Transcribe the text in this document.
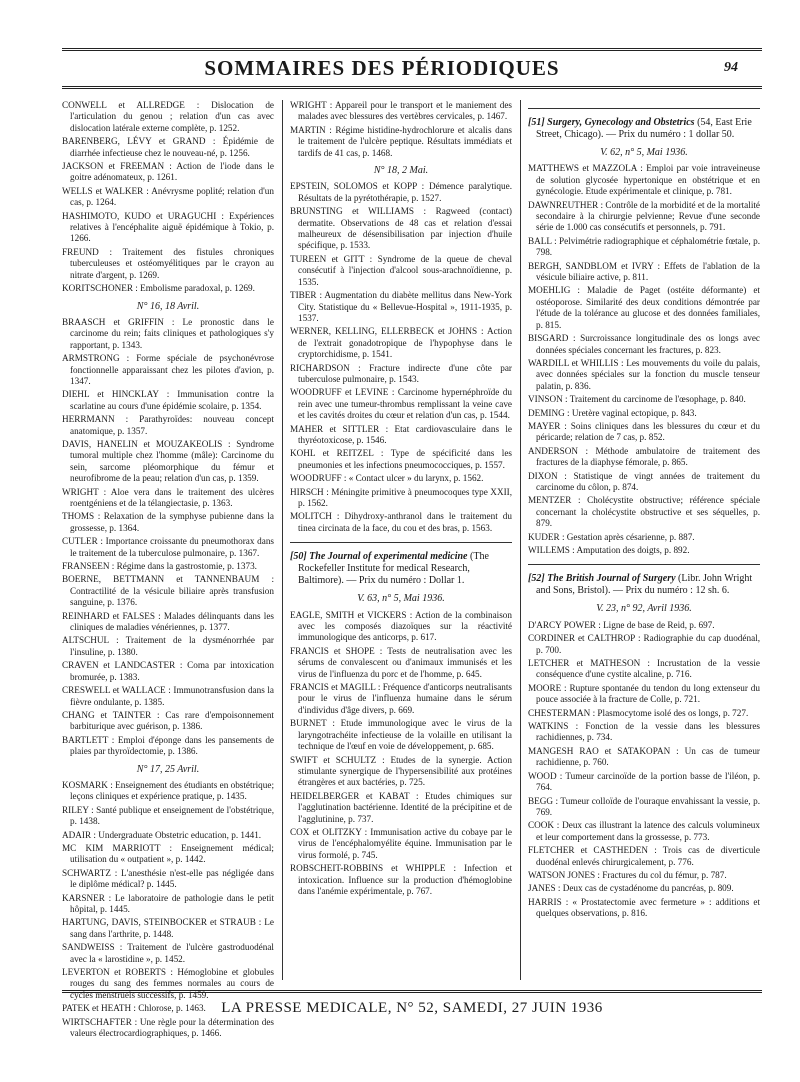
SOMMAIRES DES PÉRIODIQUES	94
CONWELL et ALLREDGE : Dislocation de l'articulation du genou ; relation d'un cas avec dislocation latérale externe complète, p. 1252.
BARENBERG, LÉVY et GRAND : Épidémie de diarrhée infectieuse chez le nouveau-né, p. 1256.
JACKSON et FREEMAN : Action de l'iode dans le goitre adénomateux, p. 1261.
WELLS et WALKER : Anévrysme poplité; relation d'un cas, p. 1264.
HASHIMOTO, KUDO et URAGUCHI : Expériences relatives à l'encéphalite aiguë épidémique à Tokio, p. 1266.
FREUND : Traitement des fistules chroniques tuberculeuses et ostéomyélitiques par le crayon au nitrate d'argent, p. 1269.
KORITSCHONER : Embolisme paradoxal, p. 1269.
N° 16, 18 Avril.
BRAASCH et GRIFFIN : Le pronostic dans le carcinome du rein; faits cliniques et pathologiques s'y rapportant, p. 1343.
ARMSTRONG : Forme spéciale de psychonévrose fonctionnelle apparaissant chez les pilotes d'avion, p. 1347.
DIEHL et HINCKLAY : Immunisation contre la scarlatine au cours d'une épidémie scolaire, p. 1354.
HERRMANN : Parathyroïdes: nouveau concept anatomique, p. 1357.
DAVIS, HANELIN et MOUZAKEOLIS : Syndrome tumoral multiple chez l'homme (mâle): Carcinome du sein, sarcome pléomorphique du fémur et neurofibrome de la peau; relation d'un cas, p. 1359.
WRIGHT : Aloe vera dans le traitement des ulcères roentgéniens et de la télangiectasie, p. 1363.
THOMS : Relaxation de la symphyse pubienne dans la grossesse, p. 1364.
CUTLER : Importance croissante du pneumothorax dans le traitement de la tuberculose pulmonaire, p. 1367.
FRANSEEN : Régime dans la gastrostomie, p. 1373.
BOERNE, BETTMANN et TANNENBAUM : Contractilité de la vésicule biliaire après transfusion sanguine, p. 1376.
REINHARD et FALSES : Malades délinquants dans les cliniques de maladies vénériennes, p. 1377.
ALTSCHUL : Traitement de la dysménorrhée par l'insuline, p. 1380.
CRAVEN et LANDCASTER : Coma par intoxication bromurée, p. 1383.
CRESWELL et WALLACE : Immunotransfusion dans la fièvre ondulante, p. 1385.
CHANG et TAINTER : Cas rare d'empoisonnement barbiturique avec guérison, p. 1386.
BARTLETT : Emploi d'éponge dans les pansements de plaies par thyroïdectomie, p. 1386.
N° 17, 25 Avril.
KOSMARK : Enseignement des étudiants en obstétrique; leçons cliniques et expérience pratique, p. 1435.
RILEY : Santé publique et enseignement de l'obstétrique, p. 1438.
ADAIR : Undergraduate Obstetric education, p. 1441.
MC KIM MARRIOTT : Enseignement médical; utilisation du « outpatient », p. 1442.
SCHWARTZ : L'anesthésie n'est-elle pas négligée dans le diplôme médical? p. 1445.
KARSNER : Le laboratoire de pathologie dans le petit hôpital, p. 1445.
HARTUNG, DAVIS, STEINBOCKER et STRAUB : Le sang dans l'arthrite, p. 1448.
SANDWEISS : Traitement de l'ulcère gastroduodénal avec la « larostidine », p. 1452.
LEVERTON et ROBERTS : Hémoglobine et globules rouges du sang des femmes normales au cours de cycles menstruels successifs, p. 1459.
PATEK et HEATH : Chlorose, p. 1463.
WIRTSCHAFTER : Une règle pour la détermination des valeurs électrocardiographiques, p. 1466.
WRIGHT : Appareil pour le transport et le maniement des malades avec blessures des vertèbres cervicales, p. 1467.
MARTIN : Régime histidine-hydrochlorure et alcalis dans le traitement de l'ulcère peptique. Résultats immédiats et tardifs de 41 cas, p. 1468.
N° 18, 2 Mai.
EPSTEIN, SOLOMOS et KOPP : Démence paralytique. Résultats de la pyrétothérapie, p. 1527.
BRUNSTING et WILLIAMS : Ragweed (contact) dermatite. Observations de 48 cas et relation d'essai malheureux de désensibilisation par injection d'huile spécifique, p. 1533.
TUREEN et GITT : Syndrome de la queue de cheval consécutif à l'injection d'alcool sous-arachnoïdienne, p. 1535.
TIBER : Augmentation du diabète mellitus dans New-York City. Statistique du « Bellevue-Hospital », 1911-1935, p. 1537.
WERNER, KELLING, ELLERBECK et JOHNS : Action de l'extrait gonadotropique de l'hypophyse dans le cryptorchidisme, p. 1541.
RICHARDSON : Fracture indirecte d'une côte par tuberculose pulmonaire, p. 1543.
WOODRUFF et LEVINE : Carcinome hypernéphroïde du rein avec une tumeur-thrombus remplissant la veine cave et les cavités droites du cœur et relation d'un cas, p. 1544.
MAHER et SITTLER : Etat cardiovasculaire dans le thyréotoxicose, p. 1546.
KOHL et REITZEL : Type de spécificité dans les pneumonies et les infections pneumococciques, p. 1557.
WOODRUFF : « Contact ulcer » du larynx, p. 1562.
HIRSCH : Méningite primitive à pneumocoques type XXII, p. 1562.
MOLITCH : Dihydroxy-anthranol dans le traitement du tinea circinata de la face, du cou et des bras, p. 1563.
[50] The Journal of experimental medicine (The Rockefeller Institute for medical Research, Baltimore). — Prix du numéro : Dollar 1.
V. 63, n° 5, Mai 1936.
EAGLE, SMITH et VICKERS : Action de la combinaison avec les composés diazoïques sur la réactivité immunologique des anticorps, p. 617.
FRANCIS et SHOPE : Tests de neutralisation avec les sérums de convalescent ou d'animaux immunisés et les virus de l'influenza du porc et de l'homme, p. 645.
FRANCIS et MAGILL : Fréquence d'anticorps neutralisants pour le virus de l'influenza humaine dans le sérum d'individus d'âge divers, p. 669.
BURNET : Etude immunologique avec le virus de la laryngotrachéite infectieuse de la volaille en utilisant la technique de l'œuf en voie de développement, p. 685.
SWIFT et SCHULTZ : Etudes de la synergie. Action stimulante synergique de l'hypersensibilité aux protéines étrangères et aux bactéries, p. 725.
HEIDELBERGER et KABAT : Etudes chimiques sur l'agglutination bactérienne. Identité de la précipitine et de l'agglutinine, p. 737.
COX et OLITZKY : Immunisation active du cobaye par le virus de l'encéphalomyélite équine. Immunisation par le virus formolé, p. 745.
ROBSCHEIT-ROBBINS et WHIPPLE : Infection et intoxication. Influence sur la production d'hémoglobine dans l'anémie expérimentale, p. 767.
[51] Surgery, Gynecology and Obstetrics (54, East Erie Street, Chicago). — Prix du numéro : 1 dollar 50.
V. 62, n° 5, Mai 1936.
MATTHEWS et MAZZOLA : Emploi par voie intraveineuse de solution glycosée hypertonique en obstétrique et en gynécologie. Etude expérimentale et clinique, p. 781.
DAWNREUTHER : Contrôle de la morbidité et de la mortalité secondaire à la chirurgie pelvienne; Revue d'une seconde série de 1.000 cas consécutifs et personnels, p. 791.
BALL : Pelvimétrie radiographique et céphalométrie fœtale, p. 798.
BERGH, SANDBLOM et IVRY : Effets de l'ablation de la vésicule biliaire active, p. 811.
MOEHLIG : Maladie de Paget (ostéite déformante) et ostéoporose. Similarité des deux conditions démontrée par l'étude de la tolérance au glucose et des données familiales, p. 815.
BISGARD : Surcroissance longitudinale des os longs avec données spéciales concernant les fractures, p. 823.
WARDILL et WHILLIS : Les mouvements du voile du palais, avec données spéciales sur la fonction du muscle tenseur palatin, p. 836.
VINSON : Traitement du carcinome de l'œsophage, p. 840.
DEMING : Uretère vaginal ectopique, p. 843.
MAYER : Soins cliniques dans les blessures du cœur et du péricarde; relation de 7 cas, p. 852.
ANDERSON : Méthode ambulatoire de traitement des fractures de la diaphyse fémorale, p. 865.
DIXON : Statistique de vingt années de traitement du carcinome du côlon, p. 874.
MENTZER : Cholécystite obstructive; référence spéciale concernant la cholécystite obstructive et ses séquelles, p. 879.
KUDER : Gestation après césarienne, p. 887.
WILLEMS : Amputation des doigts, p. 892.
[52] The British Journal of Surgery (Libr. John Wright and Sons, Bristol). — Prix du numéro : 12 sh. 6.
V. 23, n° 92, Avril 1936.
D'ARCY POWER : Ligne de base de Reid, p. 697.
CORDINER et CALTHROP : Radiographie du cap duodénal, p. 700.
LETCHER et MATHESON : Incrustation de la vessie conséquence d'une cystite alcaline, p. 716.
MOORE : Rupture spontanée du tendon du long extenseur du pouce associée à la fracture de Colle, p. 721.
CHESTERMAN : Plasmocytome isolé des os longs, p. 727.
WATKINS : Fonction de la vessie dans les blessures rachidiennes, p. 734.
MANGESH RAO et SATAKOPAN : Un cas de tumeur rachidienne, p. 760.
WOOD : Tumeur carcinoïde de la portion basse de l'iléon, p. 764.
BEGG : Tumeur colloïde de l'ouraque envahissant la vessie, p. 769.
COOK : Deux cas illustrant la latence des calculs volumineux et leur comportement dans la grossesse, p. 773.
FLETCHER et CASTHEDEN : Trois cas de diverticule duodénal enlevés chirurgicalement, p. 776.
WATSON JONES : Fractures du col du fémur, p. 787.
JANES : Deux cas de cystadénome du pancréas, p. 809.
HARRIS : « Prostatectomie avec fermeture » : additions et quelques observations, p. 816.
LA PRESSE MEDICALE, N° 52, SAMEDI, 27 JUIN 1936
